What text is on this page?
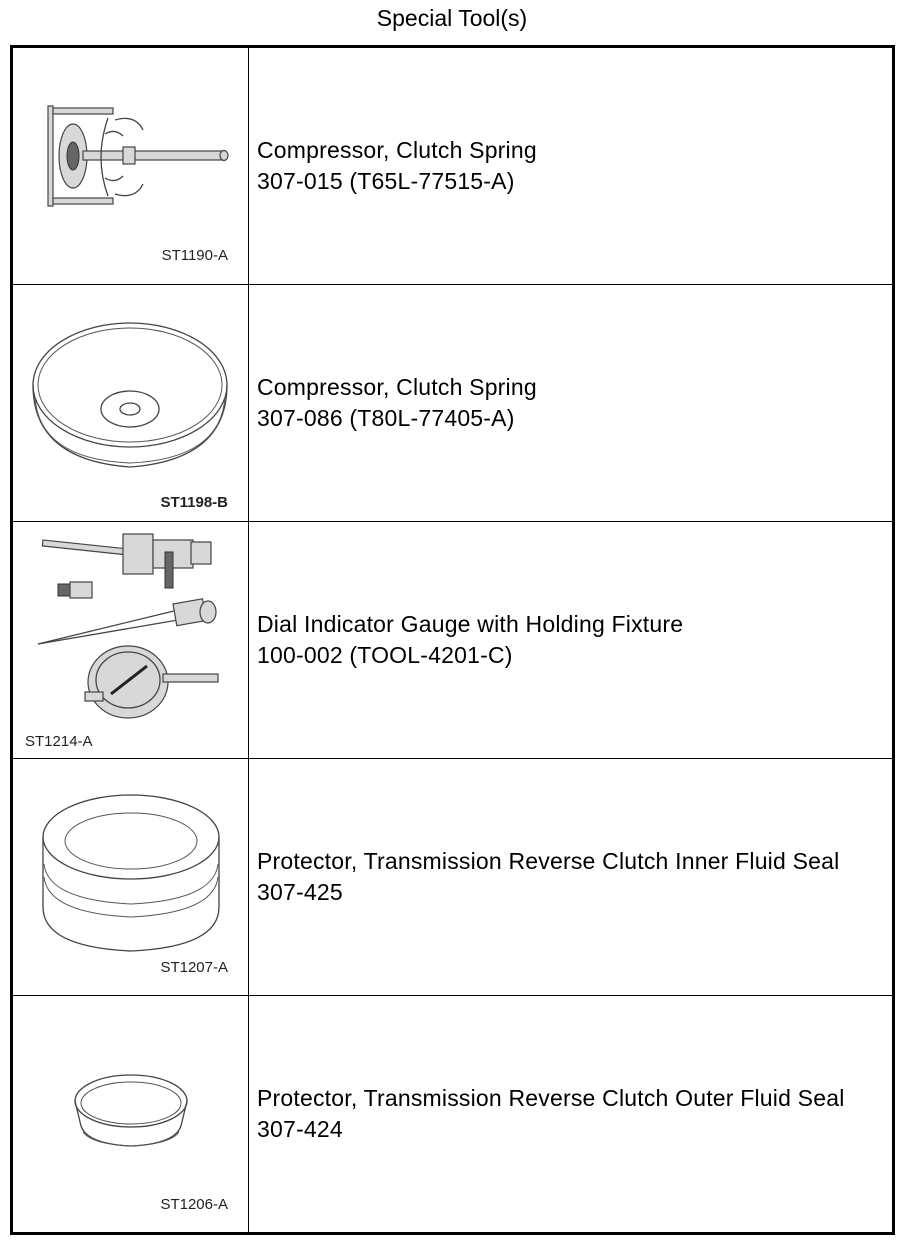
Special Tool(s)
ST1190-A	Compressor, Clutch Spring
307-015 (T65L-77515-A)

ST1198-B	Compressor, Clutch Spring
307-086 (T80L-77405-A)

ST1214-A	Dial Indicator Gauge with Holding Fixture
100-002 (TOOL-4201-C)

ST1207-A	Protector, Transmission Reverse Clutch Inner Fluid Seal
307-425

ST1206-A	Protector, Transmission Reverse Clutch Outer Fluid Seal
307-424
